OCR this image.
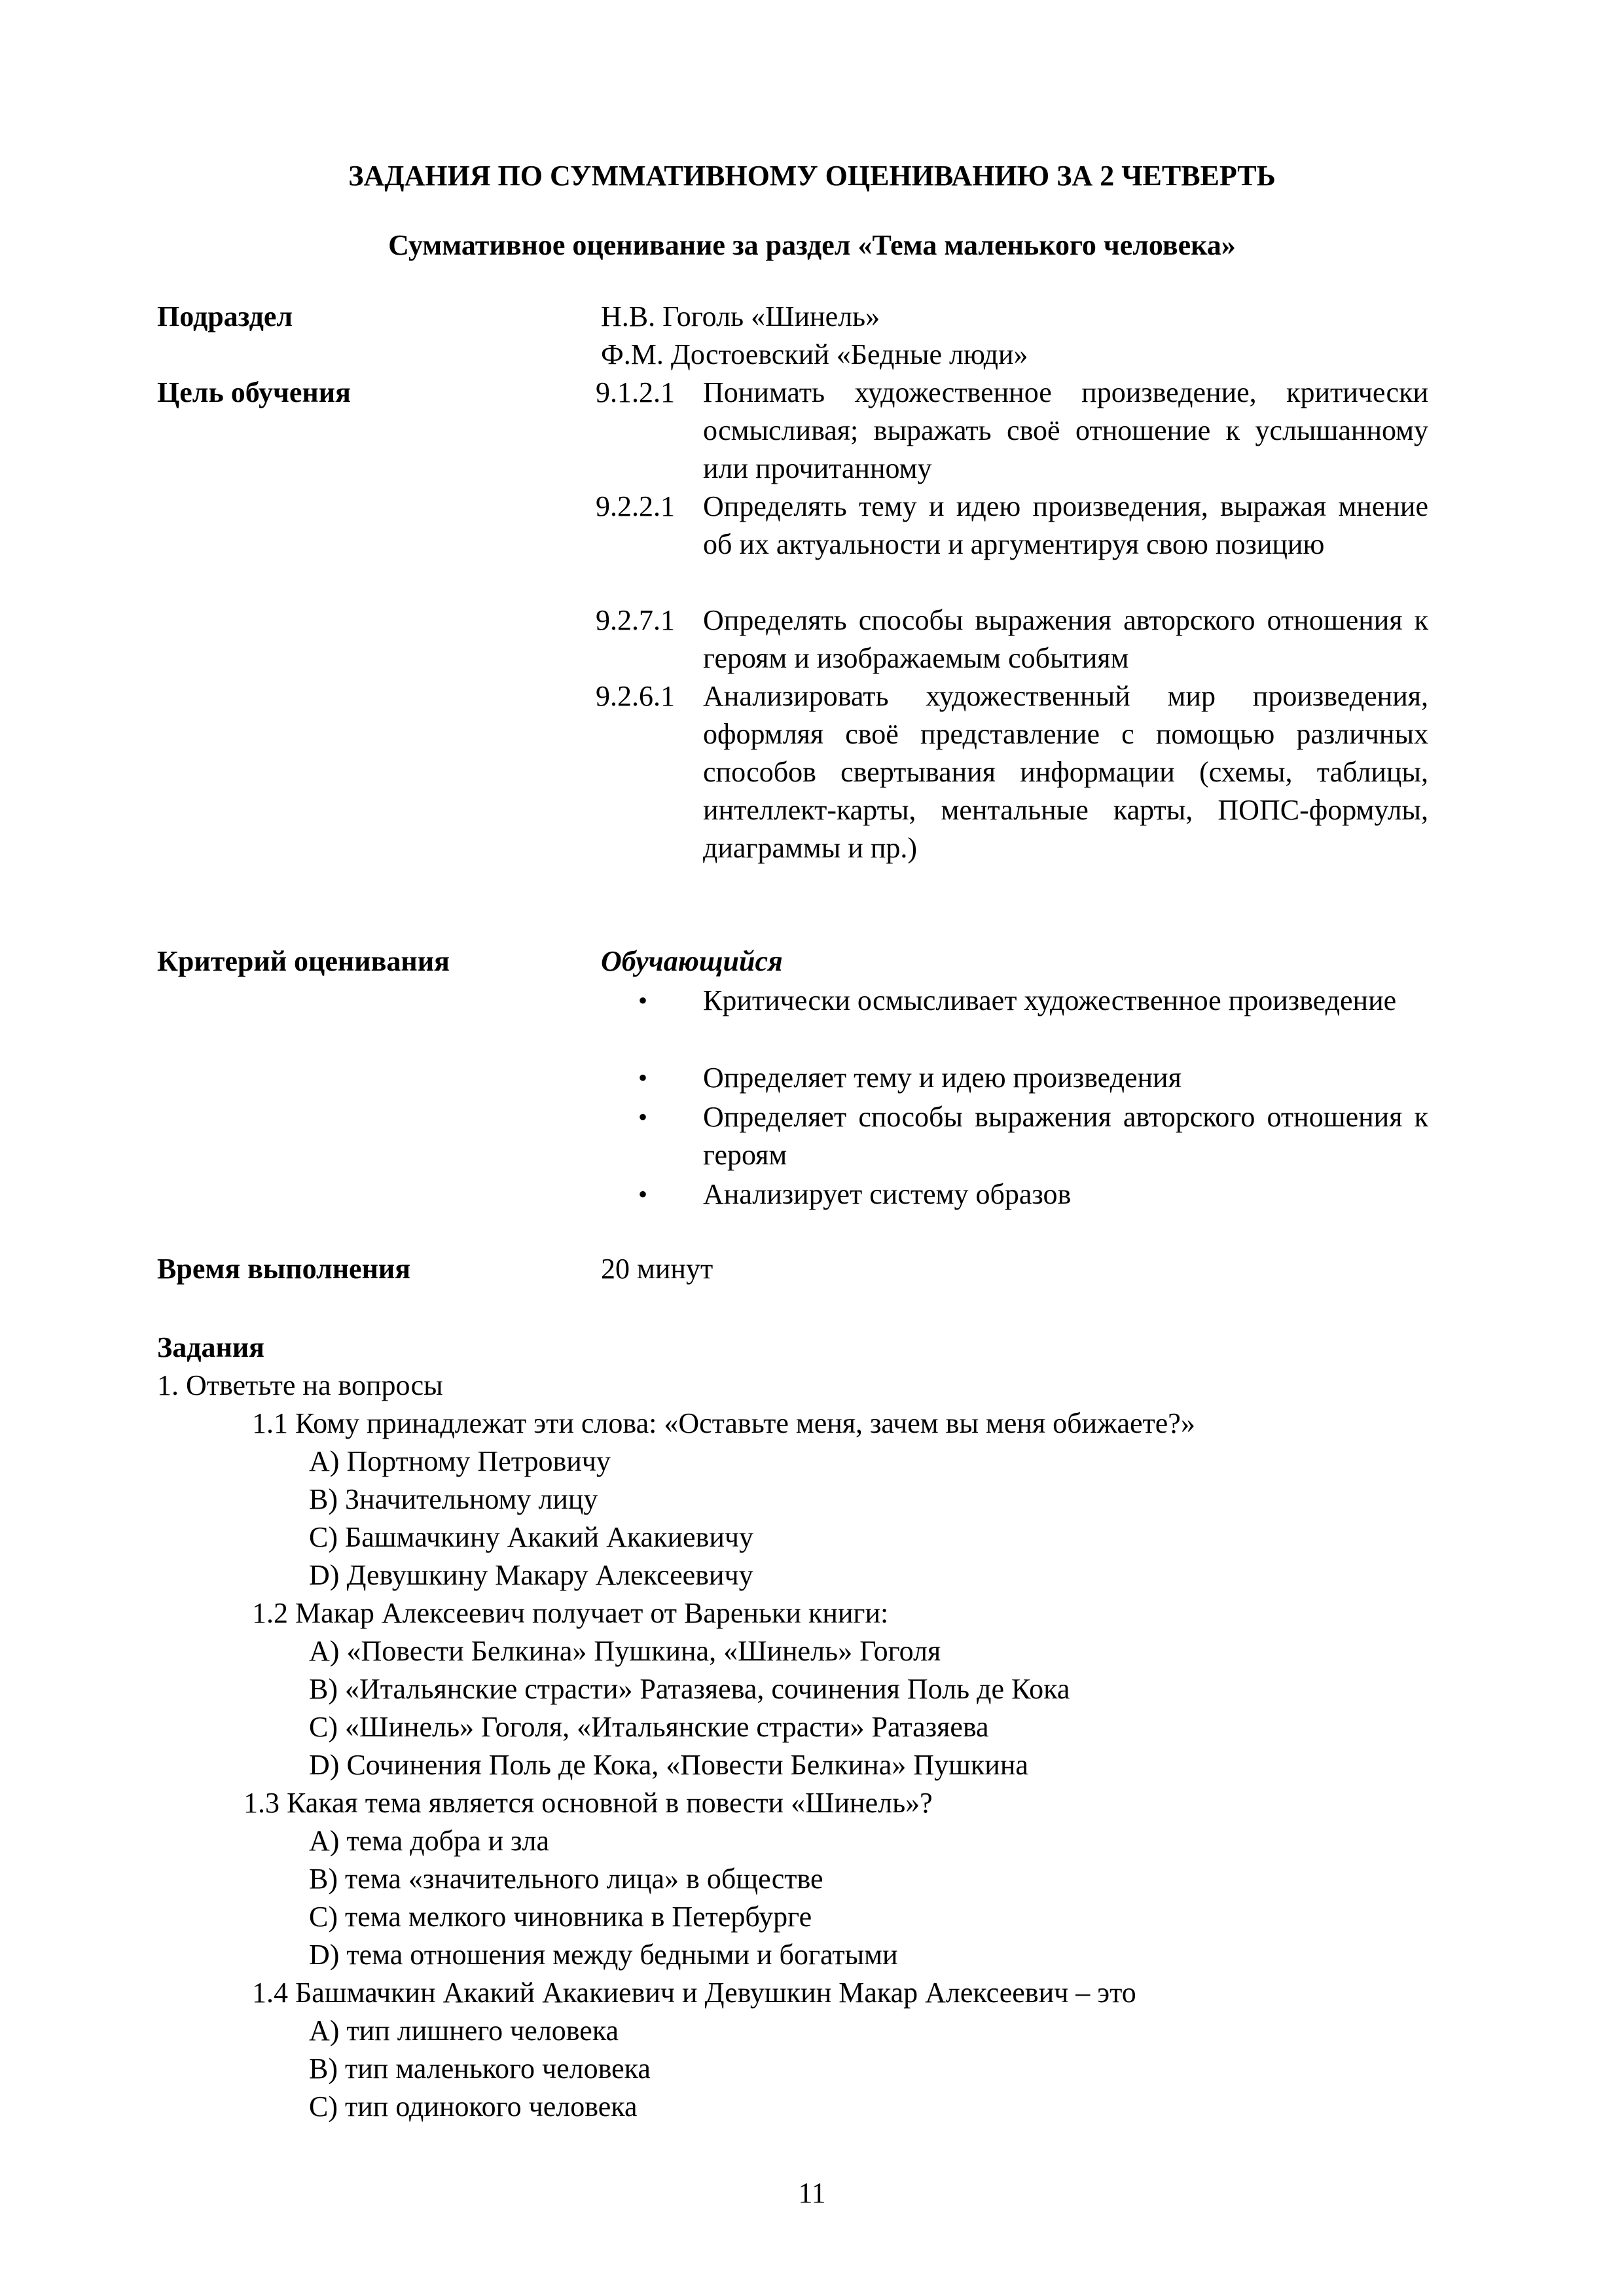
ЗАДАНИЯ ПО СУММАТИВНОМУ ОЦЕНИВАНИЮ ЗА 2 ЧЕТВЕРТЬ
Суммативное оценивание за раздел «Тема маленького человека»
Подраздел	Н.В. Гоголь «Шинель»
Ф.М. Достоевский «Бедные люди»
Цель обучения	9.1.2.1 Понимать художественное произведение, критически осмысливая; выражать своё отношение к услышанному или прочитанному
9.2.2.1 Определять тему и идею произведения, выражая мнение об их актуальности и аргументируя свою позицию
9.2.7.1 Определять способы выражения авторского отношения к героям и изображаемым событиям
9.2.6.1 Анализировать художественный мир произведения, оформляя своё представление с помощью различных способов свертывания информации (схемы, таблицы, интеллект-карты, ментальные карты, ПОПС-формулы, диаграммы и пр.)
Критерий оценивания	Обучающийся
• Критически осмысливает художественное произведение
• Определяет тему и идею произведения
• Определяет способы выражения авторского отношения к героям
• Анализирует систему образов
Время выполнения	20 минут
Задания
1. Ответьте на вопросы
1.1 Кому принадлежат эти слова: «Оставьте меня, зачем вы меня обижаете?»
A) Портному Петровичу
B) Значительному лицу
C) Башмачкину Акакий Акакиевичу
D) Девушкину Макару Алексеевичу
1.2 Макар Алексеевич получает от Вареньки книги:
A) «Повести Белкина» Пушкина, «Шинель» Гоголя
B) «Итальянские страсти» Ратазяева, сочинения Поль де Кока
C) «Шинель» Гоголя, «Итальянские страсти» Ратазяева
D) Сочинения Поль де Кока, «Повести Белкина» Пушкина
1.3 Какая тема является основной в повести «Шинель»?
A) тема добра и зла
B) тема «значительного лица» в обществе
C) тема мелкого чиновника в Петербурге
D) тема отношения между бедными и богатыми
1.4 Башмачкин Акакий Акакиевич и Девушкин Макар Алексеевич – это
A) тип лишнего человека
B) тип маленького человека
C) тип одинокого человека
11
